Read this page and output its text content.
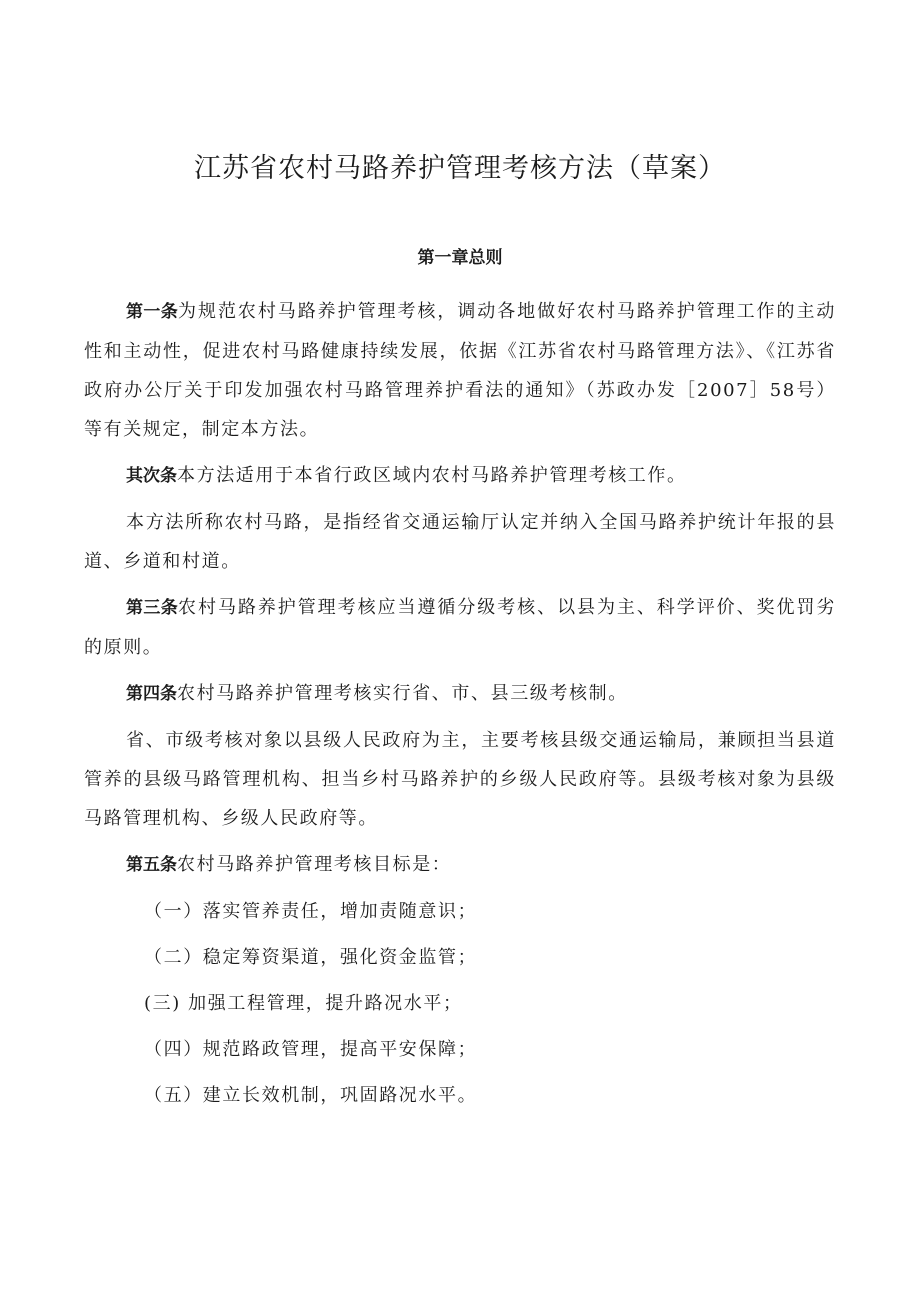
江苏省农村马路养护管理考核方法（草案）
第一章总则

第一条为规范农村马路养护管理考核，调动各地做好农村马路养护管理工作的主动性和主动性，促进农村马路健康持续发展，依据《江苏省农村马路管理方法》、《江苏省政府办公厅关于印发加强农村马路管理养护看法的通知》（苏政办发［2007］58号）等有关规定，制定本方法。

其次条本方法适用于本省行政区域内农村马路养护管理考核工作。

本方法所称农村马路，是指经省交通运输厅认定并纳入全国马路养护统计年报的县道、乡道和村道。

第三条农村马路养护管理考核应当遵循分级考核、以县为主、科学评价、奖优罚劣的原则。

第四条农村马路养护管理考核实行省、市、县三级考核制。

省、市级考核对象以县级人民政府为主，主要考核县级交通运输局，兼顾担当县道管养的县级马路管理机构、担当乡村马路养护的乡级人民政府等。县级考核对象为县级马路管理机构、乡级人民政府等。

第五条农村马路养护管理考核目标是：

（一）落实管养责任，增加责随意识；
（二）稳定筹资渠道，强化资金监管；
(三) 加强工程管理，提升路况水平；
（四）规范路政管理，提高平安保障；
（五）建立长效机制，巩固路况水平。
